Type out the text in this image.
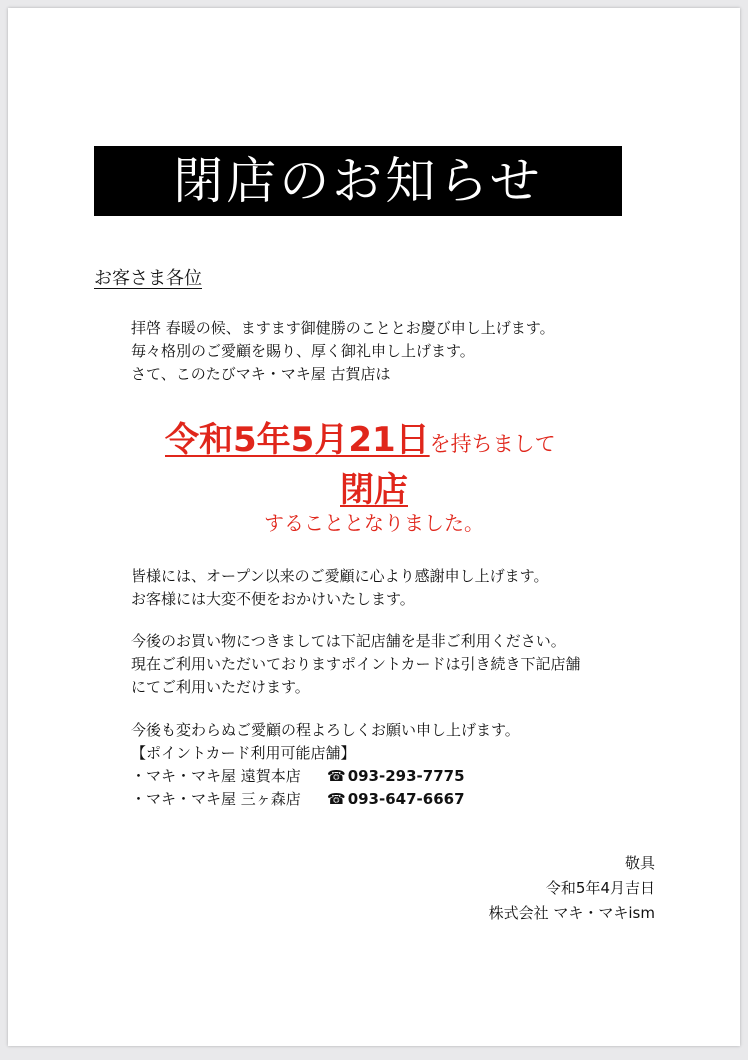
閉店のお知らせ
お客さま各位
拝啓 春暖の候、ますます御健勝のこととお慶び申し上げます。
毎々格別のご愛顧を賜り、厚く御礼申し上げます。
さて、このたびマキ・マキ屋 古賀店は
令和5年5月21日を持ちまして
閉店
することとなりました。
皆様には、オープン以来のご愛顧に心より感謝申し上げます。
お客様には大変不便をおかけいたします。
今後のお買い物につきましては下記店舗を是非ご利用ください。
現在ご利用いただいておりますポイントカードは引き続き下記店舗
にてご利用いただけます。
今後も変わらぬご愛顧の程よろしくお願い申し上げます。
【ポイントカード利用可能店舗】
・マキ・マキ屋 遠賀本店	☎ 093-293-7775
・マキ・マキ屋 三ヶ森店	☎ 093-647-6667
敬具
令和5年4月吉日
株式会社 マキ・マキism
